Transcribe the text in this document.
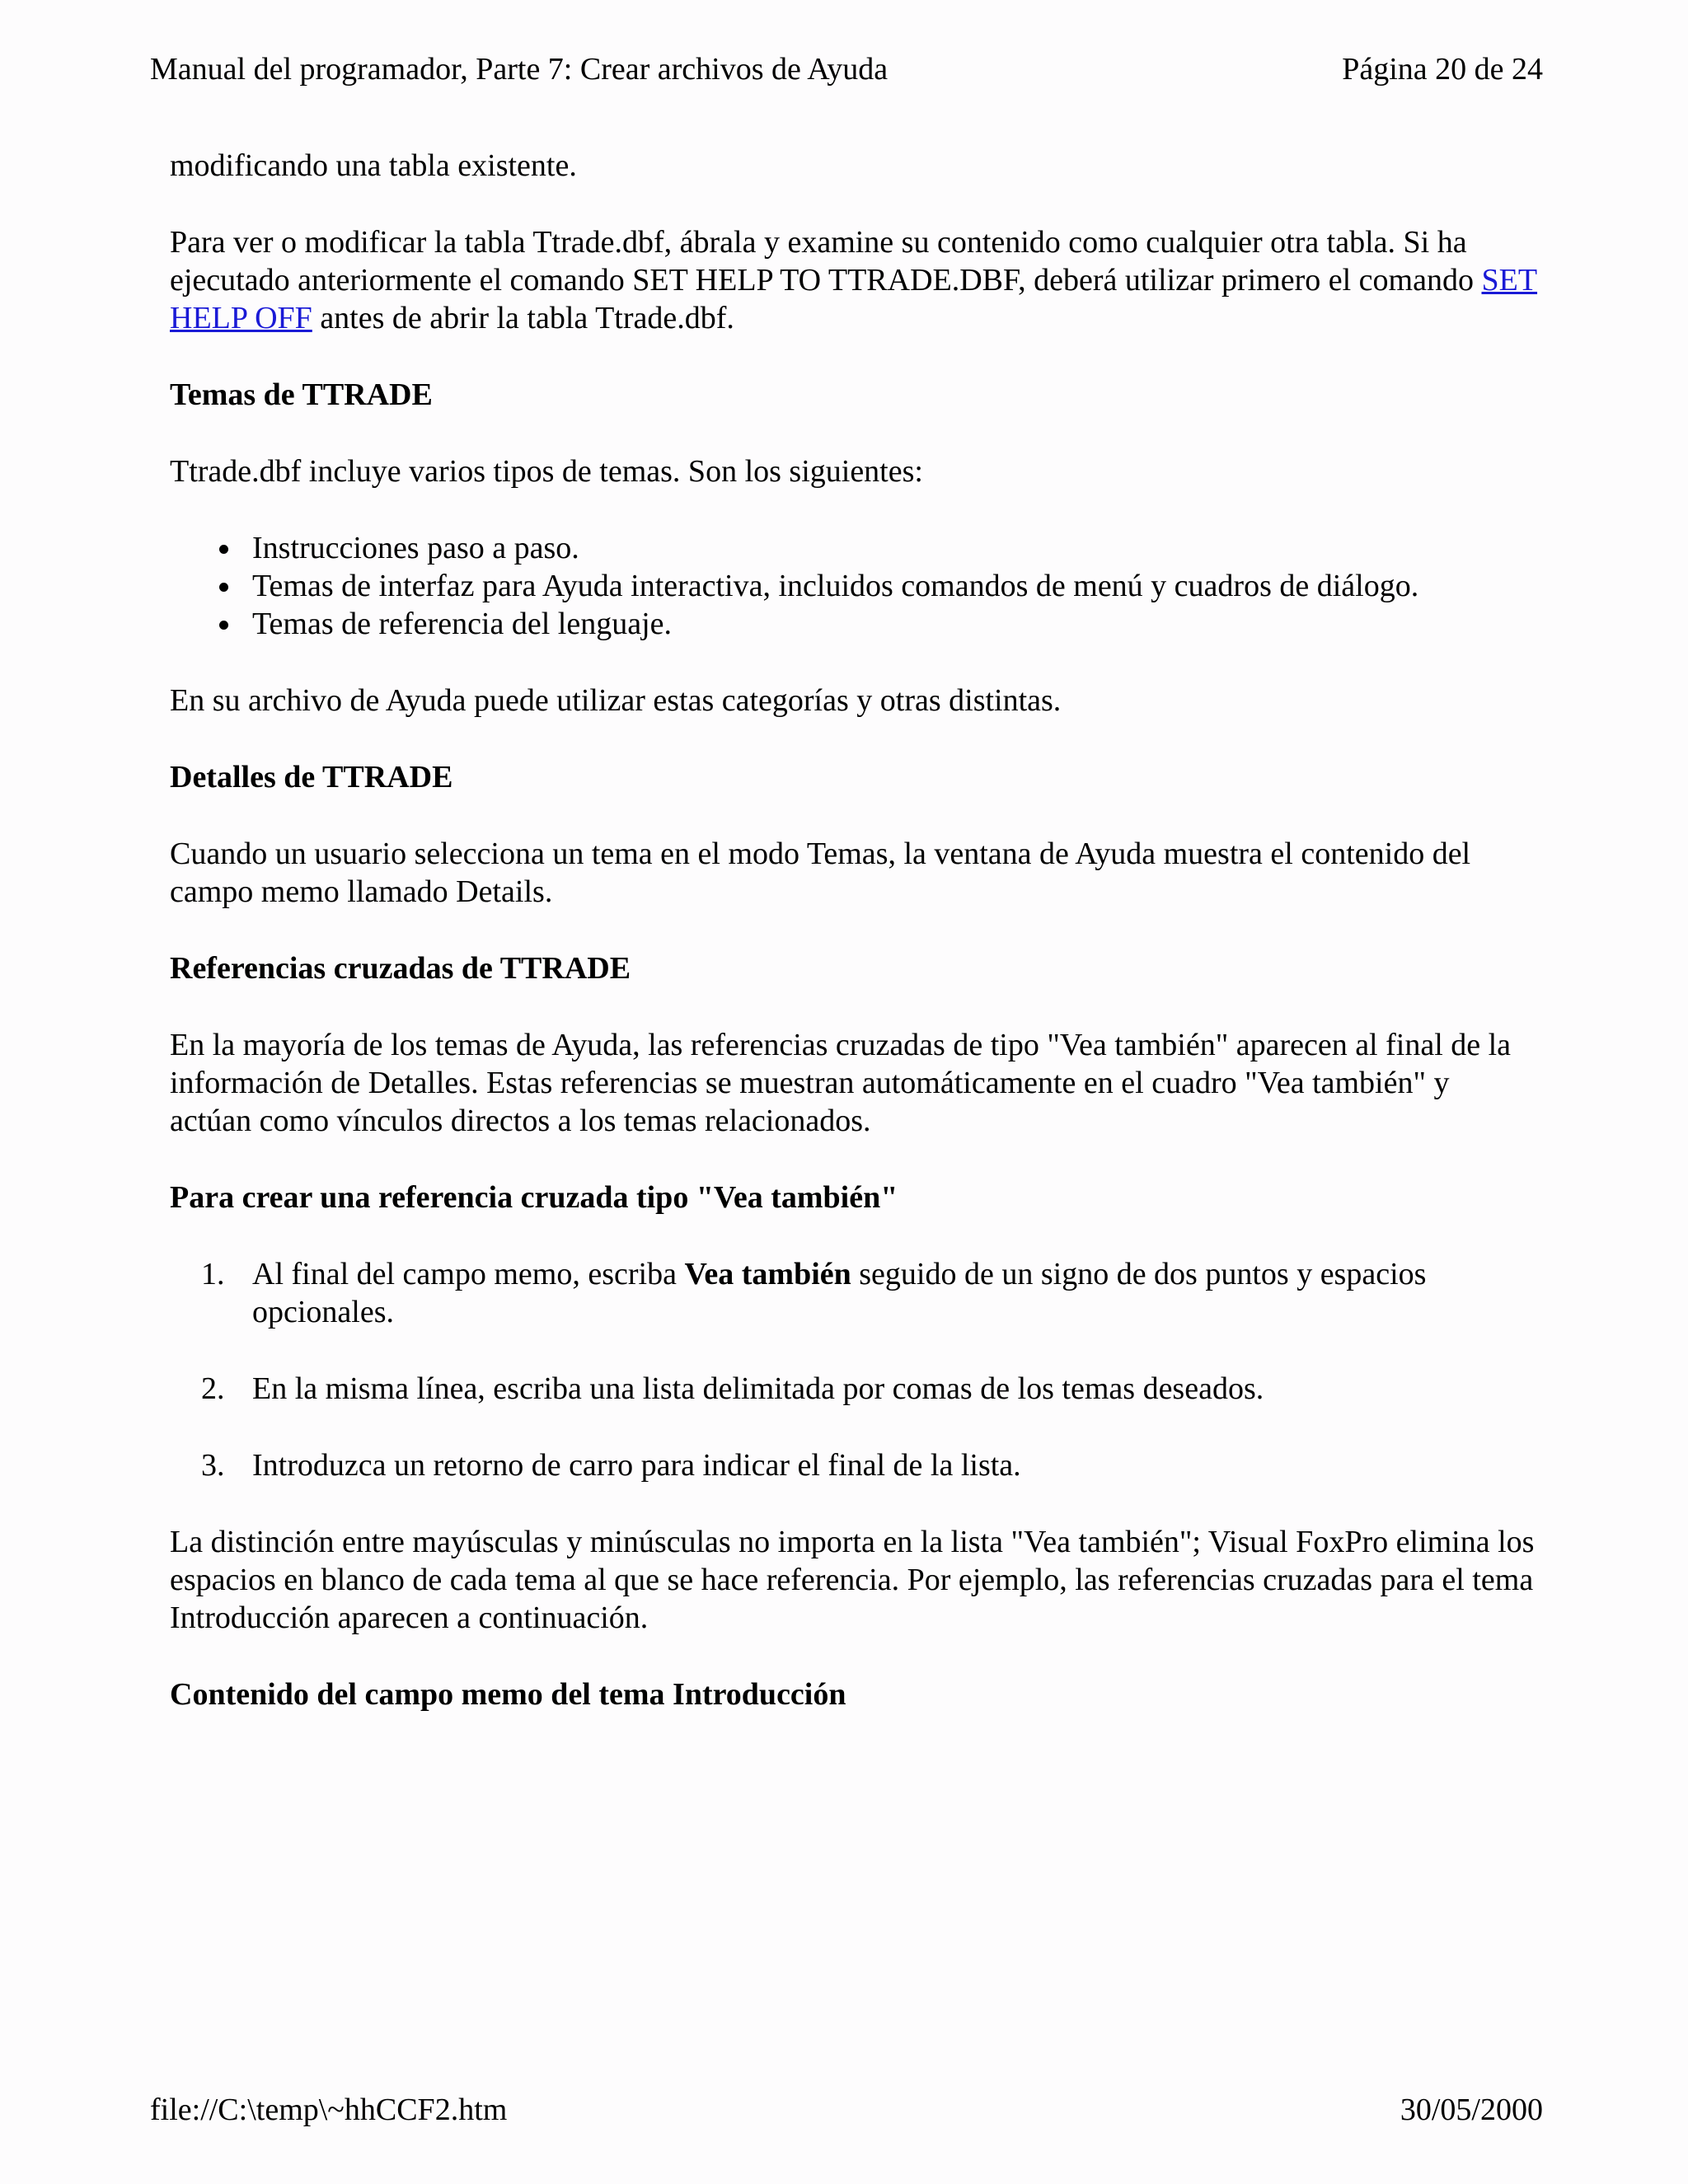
Manual del programador, Parte 7: Crear archivos de Ayuda	Página 20 de 24

modificando una tabla existente.

Para ver o modificar la tabla Ttrade.dbf, ábrala y examine su contenido como cualquier otra tabla. Si ha ejecutado anteriormente el comando SET HELP TO TTRADE.DBF, deberá utilizar primero el comando SET HELP OFF antes de abrir la tabla Ttrade.dbf.

Temas de TTRADE

Ttrade.dbf incluye varios tipos de temas. Son los siguientes:

Instrucciones paso a paso.
Temas de interfaz para Ayuda interactiva, incluidos comandos de menú y cuadros de diálogo.
Temas de referencia del lenguaje.

En su archivo de Ayuda puede utilizar estas categorías y otras distintas.

Detalles de TTRADE

Cuando un usuario selecciona un tema en el modo Temas, la ventana de Ayuda muestra el contenido del campo memo llamado Details.

Referencias cruzadas de TTRADE

En la mayoría de los temas de Ayuda, las referencias cruzadas de tipo "Vea también" aparecen al final de la información de Detalles. Estas referencias se muestran automáticamente en el cuadro "Vea también" y actúan como vínculos directos a los temas relacionados.

Para crear una referencia cruzada tipo "Vea también"
1. Al final del campo memo, escriba Vea también seguido de un signo de dos puntos y espacios opcionales.
2. En la misma línea, escriba una lista delimitada por comas de los temas deseados.
3. Introduzca un retorno de carro para indicar el final de la lista.

La distinción entre mayúsculas y minúsculas no importa en la lista "Vea también"; Visual FoxPro elimina los espacios en blanco de cada tema al que se hace referencia. Por ejemplo, las referencias cruzadas para el tema Introducción aparecen a continuación.

Contenido del campo memo del tema Introducción
file://C:\temp\~hhCCF2.htm	30/05/2000
